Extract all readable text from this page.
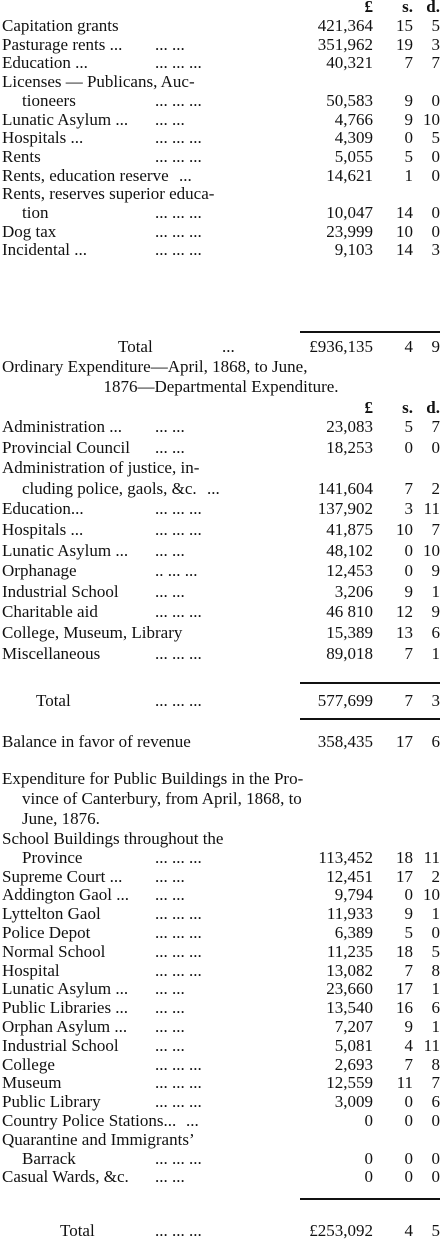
£	s. d.
Capitation grants	421,364	15	5
Pasturage rents ... ... ...	351,962	19	3
Education ...	... ... ...	40,321	7	7
Licenses — Publicans, Auc-
tioneers	... ... ...	50,583	9	0
Lunatic Asylum ... ... ...	4,766	9 10
Hospitals ...	... ... ...	4,309	0	5
Rents	... ... ...	5,055	5	0
Rents, education reserve ...	14,621	1	0
Rents, reserves superior educa-
tion	... ... ...	10,047	14	0
Dog tax	... ... ...	23,999	10	0
Incidental ...	... ... ...	9,103	14	3
Total	...	£936,135	4	9
Ordinary Expenditure—April, 1868, to June,
1876—Departmental Expenditure.
£	s. d.
Administration ... ... ...	23,083	5	7
Provincial Council ... ...	18,253	0	0
Administration of justice, in-
cluding police, gaols, &c. ...	141,604	7	2
Education...	... ... ...	137,902	3 11
Hospitals ...	... ... ...	41,875	10	7
Lunatic Asylum ... ... ...	48,102	0 10
Orphanage	.. ... ...	12,453	0	9
Industrial School ... ...	3,206	9	1
Charitable aid	... ... ...	46 810	12	9
College, Museum, Library	15,389	13	6
Miscellaneous	... ... ...	89,018	7	1
Total	... ... ...	577,699	7	3
Balance in favor of revenue	358,435	17	6
Expenditure for Public Buildings in the Pro-
vince of Canterbury, from April, 1868, to
June, 1876.
School Buildings throughout the
Province	... ... ...	113,452	18 11
Supreme Court ... ... ...	12,451	17	2
Addington Gaol ... ... ...	9,794	0 10
Lyttelton Gaol	... ... ...	11,933	9	1
Police Depot	... ... ...	6,389	5	0
Normal School	... ... ...	11,235	18	5
Hospital	... ... ...	13,082	7	8
Lunatic Asylum ... ... ...	23,660	17	1
Public Libraries ... ... ...	13,540	16	6
Orphan Asylum ... ... ...	7,207	9	1
Industrial School ... ...	5,081	4 11
College	... ... ...	2,693	7	8
Museum	... ... ...	12,559	11	7
Public Library	... ... ...	3,009	0	6
Country Police Stations... ...	0	0	0
Quarantine and Immigrants’
Barrack	... ... ...	0	0	0
Casual Wards, &c. ... ...	0	0	0
Total	... ... ...	£253,092	4	5
